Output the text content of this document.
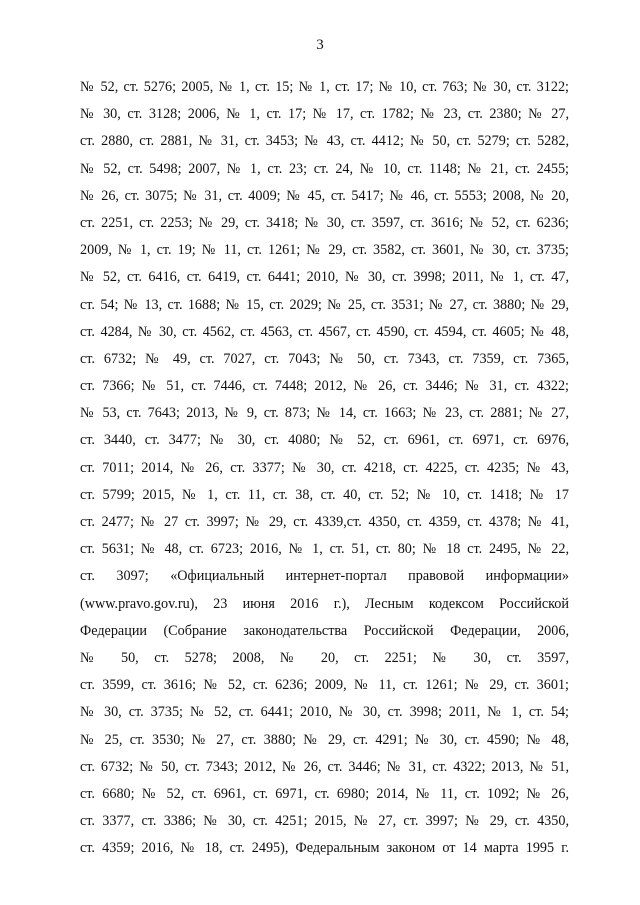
3
№ 52, ст. 5276; 2005, № 1, ст. 15; № 1, ст. 17; № 10, ст. 763; № 30, ст. 3122;
№ 30, ст. 3128; 2006, № 1, ст. 17; № 17, ст. 1782; № 23, ст. 2380; № 27,
ст. 2880, ст. 2881, № 31, ст. 3453; № 43, ст. 4412; № 50, ст. 5279; ст. 5282,
№ 52, ст. 5498; 2007, № 1, ст. 23; ст. 24, № 10, ст. 1148; № 21, ст. 2455;
№ 26, ст. 3075; № 31, ст. 4009; № 45, ст. 5417; № 46, ст. 5553; 2008, № 20,
ст. 2251, ст. 2253; № 29, ст. 3418; № 30, ст. 3597, ст. 3616; № 52, ст. 6236;
2009, № 1, ст. 19; № 11, ст. 1261; № 29, ст. 3582, ст. 3601, № 30, ст. 3735;
№ 52, ст. 6416, ст. 6419, ст. 6441; 2010, № 30, ст. 3998; 2011, № 1, ст. 47,
ст. 54; № 13, ст. 1688; № 15, ст. 2029; № 25, ст. 3531; № 27, ст. 3880; № 29,
ст. 4284, № 30, ст. 4562, ст. 4563, ст. 4567, ст. 4590, ст. 4594, ст. 4605; № 48,
ст. 6732; № 49, ст. 7027, ст. 7043; № 50, ст. 7343, ст. 7359, ст. 7365,
ст. 7366; № 51, ст. 7446, ст. 7448; 2012, № 26, ст. 3446; № 31, ст. 4322;
№ 53, ст. 7643; 2013, № 9, ст. 873; № 14, ст. 1663; № 23, ст. 2881; № 27,
ст. 3440, ст. 3477; № 30, ст. 4080; № 52, ст. 6961, ст. 6971, ст. 6976,
ст. 7011; 2014, № 26, ст. 3377; № 30, ст. 4218, ст. 4225, ст. 4235; № 43,
ст. 5799; 2015, № 1, ст. 11, ст. 38, ст. 40, ст. 52; № 10, ст. 1418; № 17
ст. 2477; № 27 ст. 3997; № 29, ст. 4339,ст. 4350, ст. 4359, ст. 4378; № 41,
ст. 5631; № 48, ст. 6723; 2016, № 1, ст. 51, ст. 80; № 18 ст. 2495, № 22,
ст. 3097; «Официальный интернет-портал правовой информации»
(www.pravo.gov.ru), 23 июня 2016 г.), Лесным кодексом Российской
Федерации (Собрание законодательства Российской Федерации, 2006,
№ 50, ст. 5278; 2008, № 20, ст. 2251; № 30, ст. 3597,
ст. 3599, ст. 3616; № 52, ст. 6236; 2009, № 11, ст. 1261; № 29, ст. 3601;
№ 30, ст. 3735; № 52, ст. 6441; 2010, № 30, ст. 3998; 2011, № 1, ст. 54;
№ 25, ст. 3530; № 27, ст. 3880; № 29, ст. 4291; № 30, ст. 4590; № 48,
ст. 6732; № 50, ст. 7343; 2012, № 26, ст. 3446; № 31, ст. 4322; 2013, № 51,
ст. 6680; № 52, ст. 6961, ст. 6971, ст. 6980; 2014, № 11, ст. 1092; № 26,
ст. 3377, ст. 3386; № 30, ст. 4251; 2015, № 27, ст. 3997; № 29, ст. 4350,
ст. 4359; 2016, № 18, ст. 2495), Федеральным законом от 14 марта 1995 г.
